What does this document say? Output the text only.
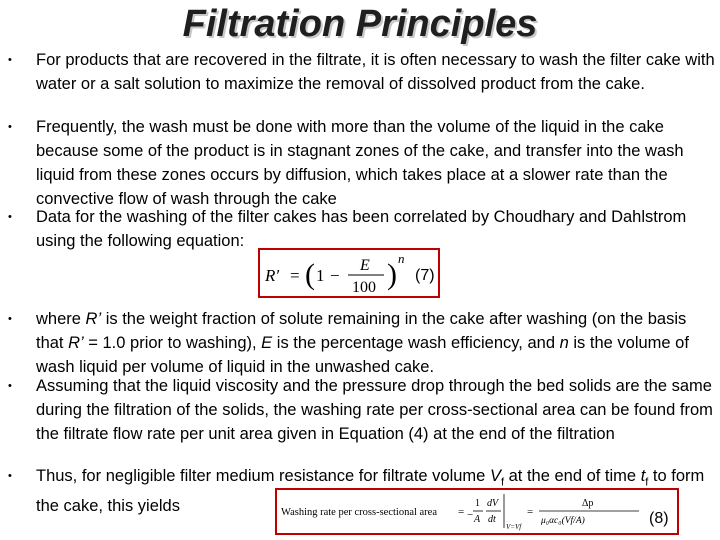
Filtration Principles
•	For products that are recovered in the filtrate, it is often necessary to wash the filter cake with water or a salt solution to maximize the removal of dissolved product from the cake.
•	Frequently, the wash must be done with more than the volume of the liquid in the cake because some of the product is in stagnant zones of the cake, and transfer into the wash liquid from these zones occurs by diffusion, which takes place at a slower rate than the convective flow of wash through the cake
•	Data for the washing of the filter cakes has been correlated by Choudhary and Dahlstrom using the following equation:
R′ = ( 1 −
E
100 ) n
(7)
•	where R’ is the weight fraction of solute remaining in the cake after washing (on the basis that R’ = 1.0 prior to washing), E is the percentage wash efficiency, and n is the volume of wash liquid per volume of liquid in the unwashed cake.
•	Assuming that the liquid viscosity and the pressure drop through the bed solids are the same during the filtration of the solids, the washing rate per cross-sectional area can be found from the filtrate flow rate per unit area given in Equation (4) at the end of the filtration
•	Thus, for negligible filter medium resistance for filtrate volume $V_f$ at the end of time $t_f$ to form the cake, this yields	Washing rate per cross-sectional area = −
1
A
dV
dt
V=Vf
=
Δp
μ₀αc₀(Vf/A)	(8)
